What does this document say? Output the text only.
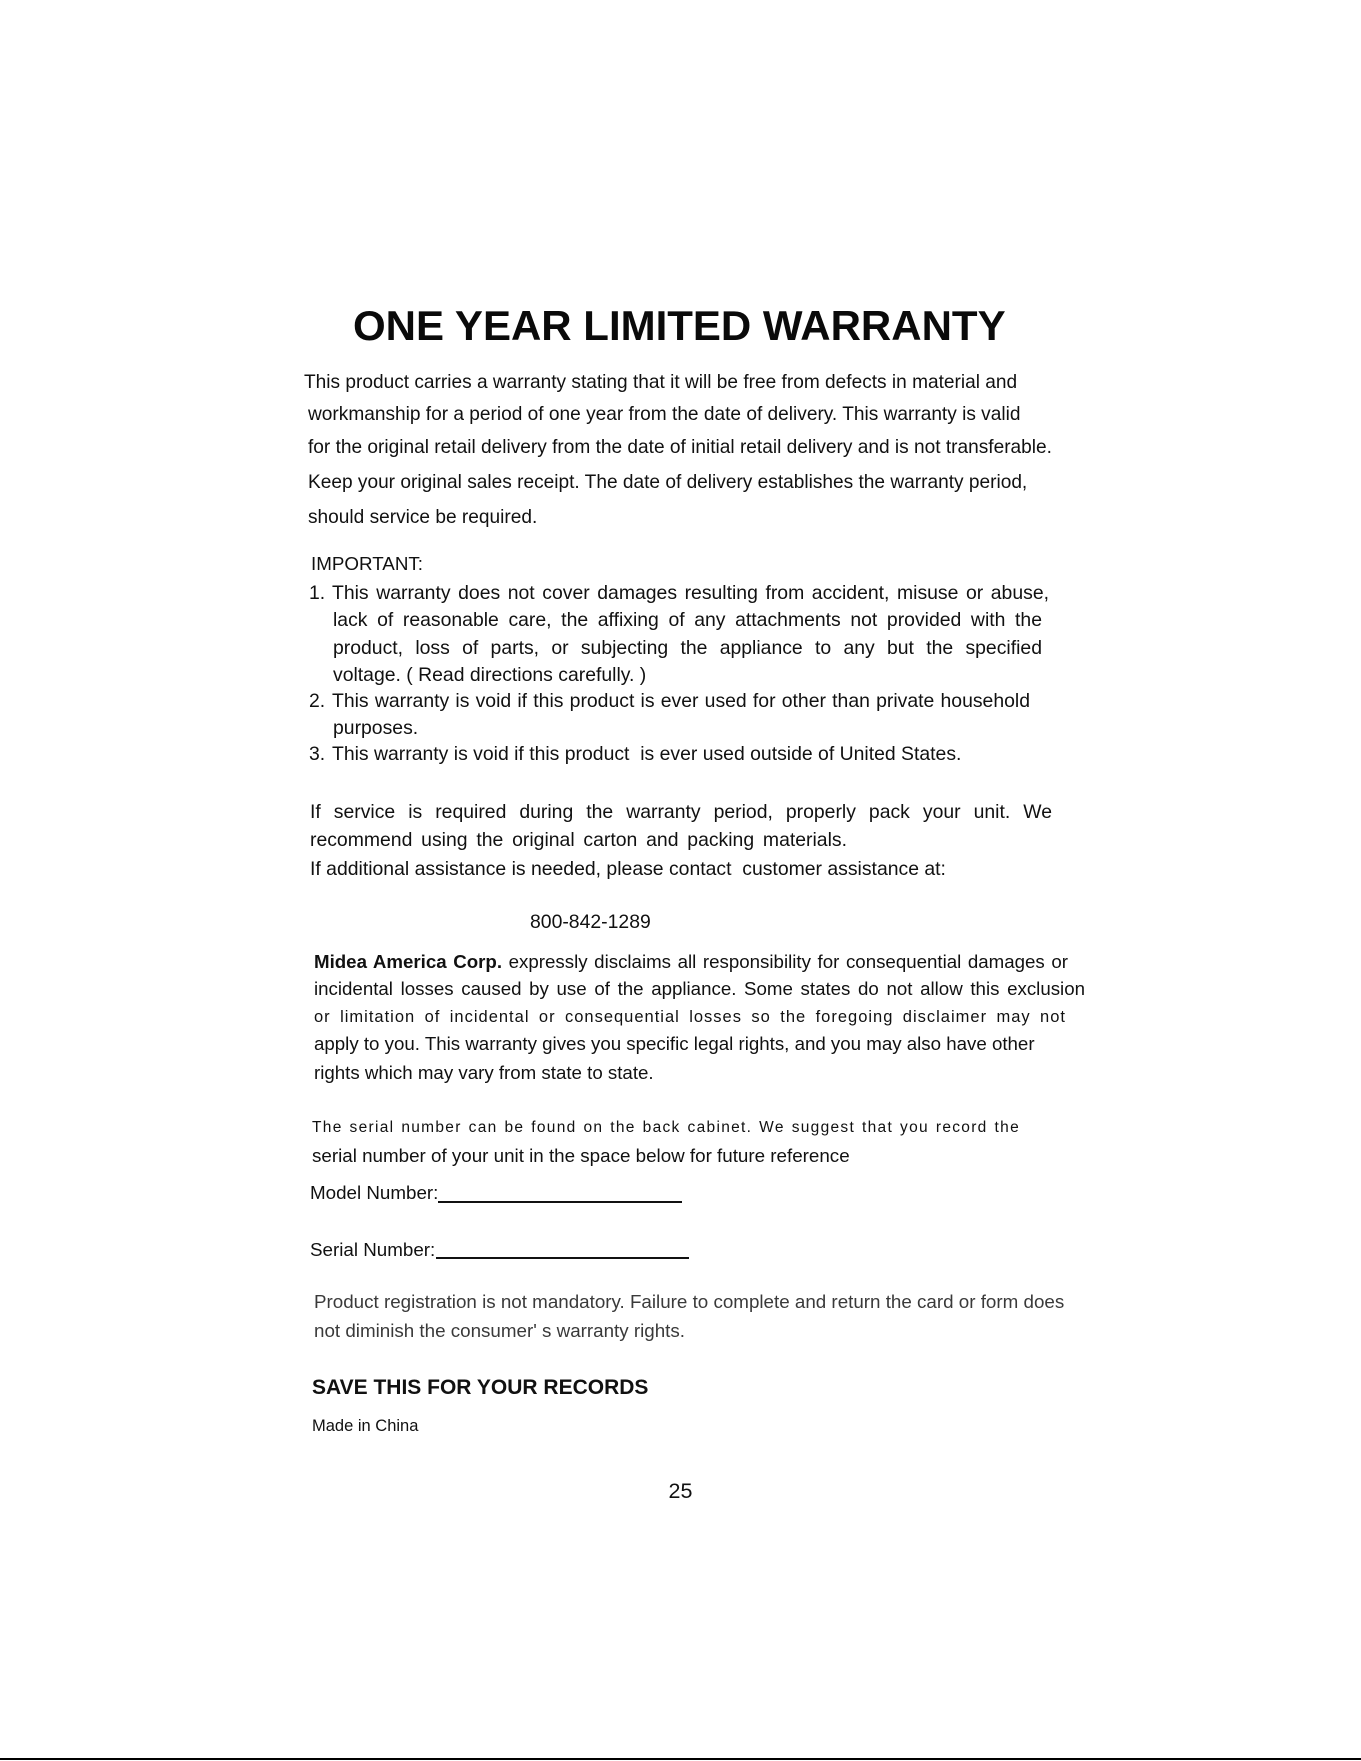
ONE YEAR LIMITED WARRANTY
This product carries a warranty stating that it will be free from defects in material and
workmanship for a period of one year from the date of delivery. This warranty is valid
for the original retail delivery from the date of initial retail delivery and is not transferable.
Keep your original sales receipt. The date of delivery establishes the warranty period,
should service be required.
IMPORTANT:
1. This warranty does not cover damages resulting from accident, misuse or abuse,
lack of reasonable care, the affixing of any attachments not provided with the
product, loss of parts, or subjecting the appliance to any but the specified
voltage. ( Read directions carefully. )
2. This warranty is void if this product is ever used for other than private household
purposes.
3. This warranty is void if this product  is ever used outside of United States.
If service is required during the warranty period, properly pack your unit. We
recommend using the original carton and packing materials.
If additional assistance is needed, please contact  customer assistance at:
800-842-1289
Midea America Corp. expressly disclaims all responsibility for consequential damages or
incidental losses caused by use of the appliance. Some states do not allow this exclusion
or limitation of incidental or consequential losses so the foregoing disclaimer may not
apply to you. This warranty gives you specific legal rights, and you may also have other
rights which may vary from state to state.
The serial number can be found on the back cabinet. We suggest that you record the
serial number of your unit in the space below for future reference
Model Number:
Serial Number:
Product registration is not mandatory. Failure to complete and return the card or form does
not diminish the consumer' s warranty rights.
SAVE THIS FOR YOUR RECORDS
Made in China
25
